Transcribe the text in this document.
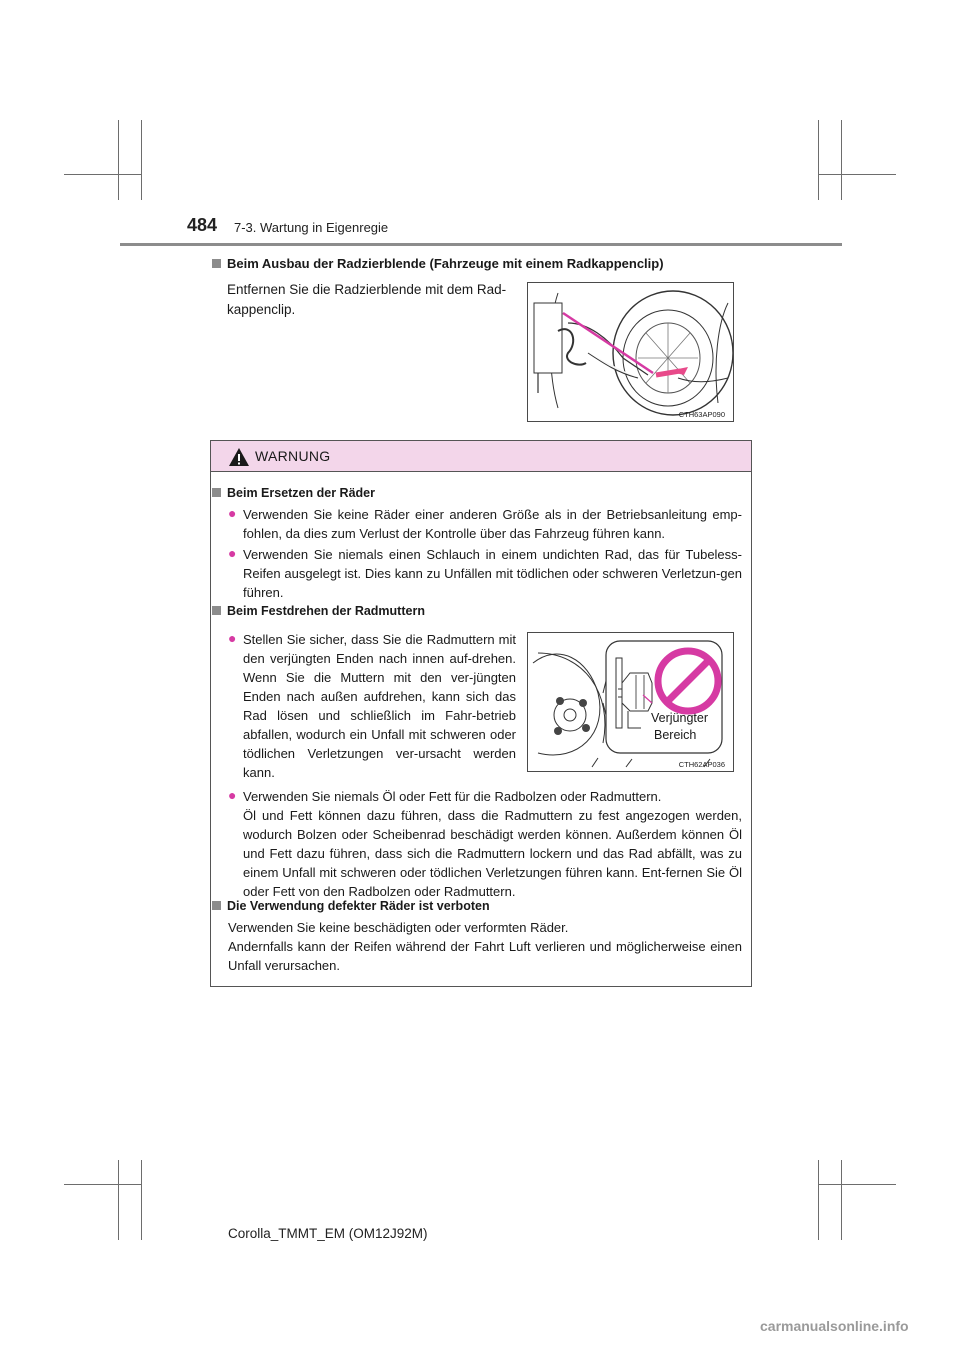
484 7-3. Wartung in Eigenregie
Beim Ausbau der Radzierblende (Fahrzeuge mit einem Radkappenclip)
Entfernen Sie die Radzierblende mit dem Rad-kappenclip.
CTH63AP090
WARNUNG
Beim Ersetzen der Räder
● Verwenden Sie keine Räder einer anderen Größe als in der Betriebsanleitung emp-fohlen, da dies zum Verlust der Kontrolle über das Fahrzeug führen kann.
● Verwenden Sie niemals einen Schlauch in einem undichten Rad, das für Tubeless-Reifen ausgelegt ist. Dies kann zu Unfällen mit tödlichen oder schweren Verletzun-gen führen.
Beim Festdrehen der Radmuttern
● Stellen Sie sicher, dass Sie die Radmuttern mit den verjüngten Enden nach innen auf-drehen. Wenn Sie die Muttern mit den ver-jüngten Enden nach außen aufdrehen, kann sich das Rad lösen und schließlich im Fahr-betrieb abfallen, wodurch ein Unfall mit schweren oder tödlichen Verletzungen ver-ursacht werden kann.
Verjüngter
Bereich
CTH62AP036
● Verwenden Sie niemals Öl oder Fett für die Radbolzen oder Radmuttern.
Öl und Fett können dazu führen, dass die Radmuttern zu fest angezogen werden, wodurch Bolzen oder Scheibenrad beschädigt werden können. Außerdem können Öl und Fett dazu führen, dass sich die Radmuttern lockern und das Rad abfällt, was zu einem Unfall mit schweren oder tödlichen Verletzungen führen kann. Ent-fernen Sie Öl oder Fett von den Radbolzen oder Radmuttern.
Die Verwendung defekter Räder ist verboten
Verwenden Sie keine beschädigten oder verformten Räder.
Andernfalls kann der Reifen während der Fahrt Luft verlieren und möglicherweise einen Unfall verursachen.
Corolla_TMMT_EM (OM12J92M)
carmanualsonline.info
